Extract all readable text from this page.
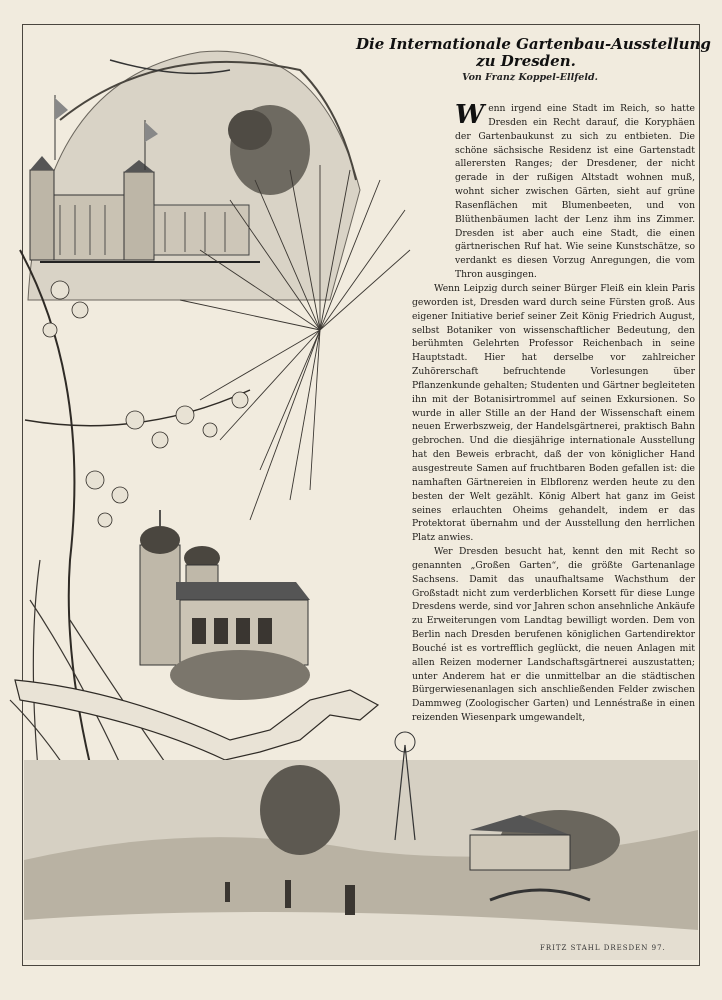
Die Internationale Gartenbau-Ausstellung
zu Dresden.
Von Franz Koppel-Ellfeld.

Wenn irgend eine Stadt im Reich, so hatte Dresden ein Recht darauf, die Koryphäen der Gartenbaukunst zu sich zu entbieten. Die schöne sächsische Residenz ist eine Gartenstadt allerersten Ranges; der Dresdener, der nicht gerade in der rußigen Altstadt wohnen muß, wohnt sicher zwischen Gärten, sieht auf grüne Rasenflächen mit Blumenbeeten, und von Blüthenbäumen lacht der Lenz ihm ins Zimmer. Dresden ist aber auch eine Stadt, die einen gärtnerischen Ruf hat. Wie seine Kunstschätze, so verdankt es diesen Vorzug Anregungen, die vom Thron ausgingen.

Wenn Leipzig durch seiner Bürger Fleiß ein klein Paris geworden ist, Dresden ward durch seine Fürsten groß. Aus eigener Initiative berief seiner Zeit König Friedrich August, selbst Botaniker von wissenschaftlicher Bedeutung, den berühmten Gelehrten Professor Reichenbach in seine Hauptstadt. Hier hat derselbe vor zahlreicher Zuhörerschaft befruchtende Vorlesungen über Pflanzenkunde gehalten; Studenten und Gärtner begleiteten ihn mit der Botanisirtrommel auf seinen Exkursionen. So wurde in aller Stille an der Hand der Wissenschaft einem neuen Erwerbszweig, der Handelsgärtnerei, praktisch Bahn gebrochen. Und die diesjährige internationale Ausstellung hat den Beweis erbracht, daß der von königlicher Hand ausgestreute Samen auf fruchtbaren Boden gefallen ist: die namhaften Gärtnereien in Elbflorenz werden heute zu den besten der Welt gezählt. König Albert hat ganz im Geist seines erlauchten Oheims gehandelt, indem er das Protektorat übernahm und der Ausstellung den herrlichen Platz anwies.

Wer Dresden besucht hat, kennt den mit Recht so genannten „Großen Garten“, die größte Gartenanlage Sachsens. Damit das unaufhaltsame Wachsthum der Großstadt nicht zum verderblichen Korsett für diese Lunge Dresdens werde, sind vor Jahren schon ansehnliche Ankäufe zu Erweiterungen vom Landtag bewilligt worden. Dem von Berlin nach Dresden berufenen königlichen Gartendirektor Bouché ist es vortrefflich geglückt, die neuen Anlagen mit allen Reizen moderner Landschaftsgärtnerei auszustatten; unter Anderem hat er die unmittelbar an die städtischen Bürgerwiesenanlagen sich anschließenden Felder zwischen Dammweg (Zoologischer Garten) und Lennéstraße in einen reizenden Wiesenpark umgewandelt,

FRITZ STAHL DRESDEN 97.
